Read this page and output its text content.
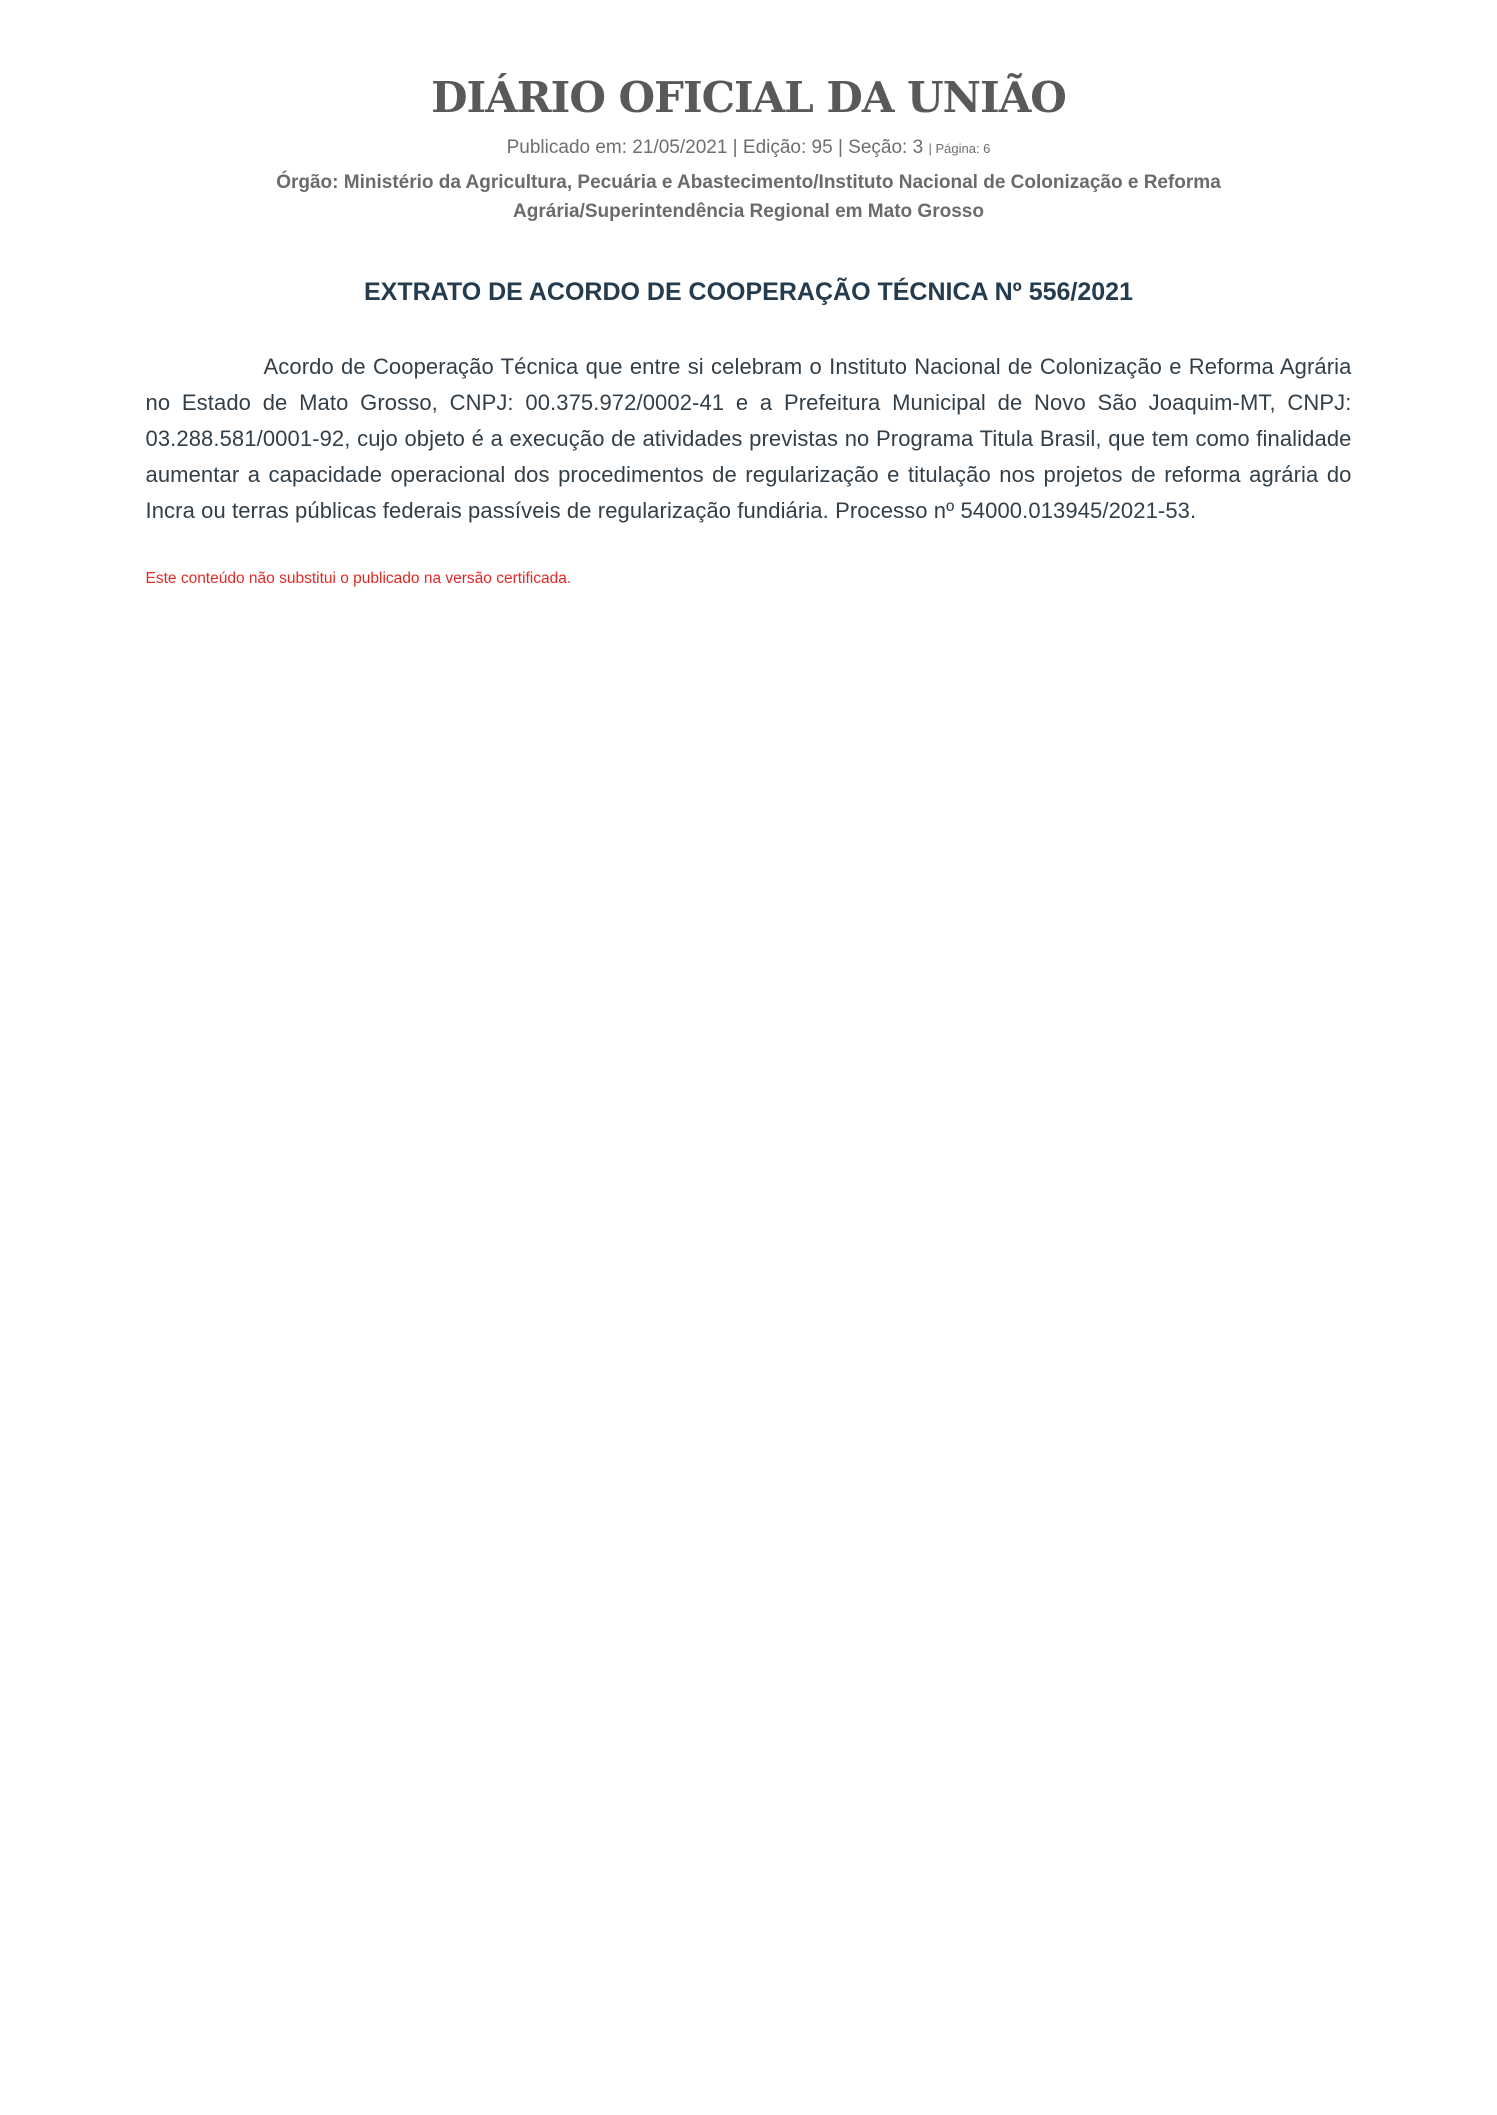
DIÁRIO OFICIAL DA UNIÃO

Publicado em: 21/05/2021 | Edição: 95 | Seção: 3 | Página: 6

Órgão: Ministério da Agricultura, Pecuária e Abastecimento/Instituto Nacional de Colonização e Reforma Agrária/Superintendência Regional em Mato Grosso

EXTRATO DE ACORDO DE COOPERAÇÃO TÉCNICA Nº 556/2021

Acordo de Cooperação Técnica que entre si celebram o Instituto Nacional de Colonização e Reforma Agrária no Estado de Mato Grosso, CNPJ: 00.375.972/0002-41 e a Prefeitura Municipal de Novo São Joaquim-MT, CNPJ: 03.288.581/0001-92, cujo objeto é a execução de atividades previstas no Programa Titula Brasil, que tem como finalidade aumentar a capacidade operacional dos procedimentos de regularização e titulação nos projetos de reforma agrária do Incra ou terras públicas federais passíveis de regularização fundiária. Processo nº 54000.013945/2021-53.

Este conteúdo não substitui o publicado na versão certificada.
